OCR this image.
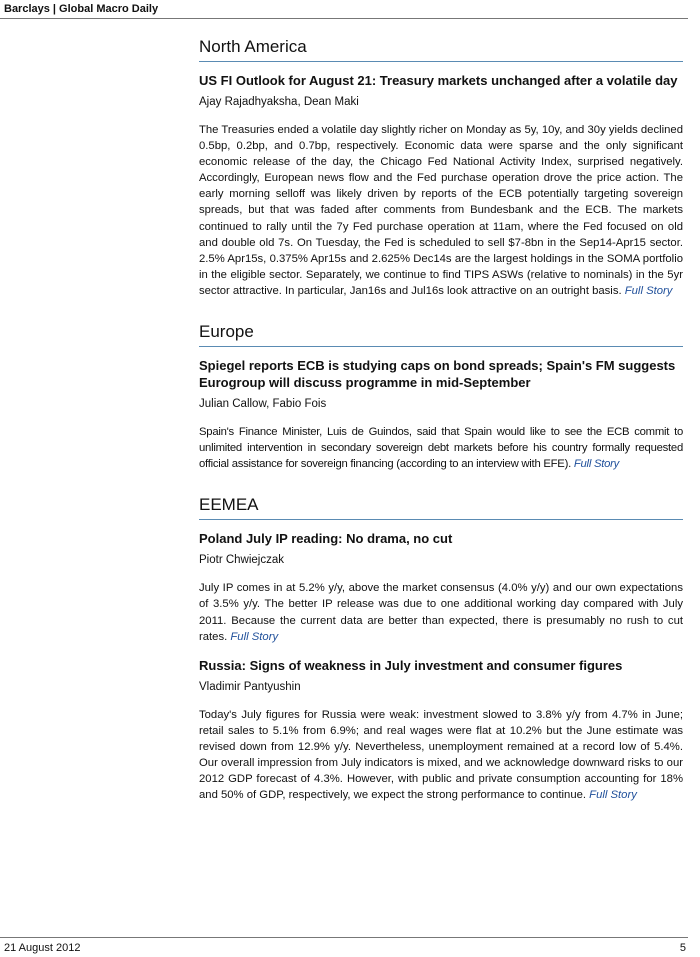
Barclays | Global Macro Daily
North America

US FI Outlook for August 21: Treasury markets unchanged after a volatile day

Ajay Rajadhyaksha, Dean Maki

The Treasuries ended a volatile day slightly richer on Monday as 5y, 10y, and 30y yields declined 0.5bp, 0.2bp, and 0.7bp, respectively. Economic data were sparse and the only significant economic release of the day, the Chicago Fed National Activity Index, surprised negatively. Accordingly, European news flow and the Fed purchase operation drove the price action. The early morning selloff was likely driven by reports of the ECB potentially targeting sovereign spreads, but that was faded after comments from Bundesbank and the ECB. The markets continued to rally until the 7y Fed purchase operation at 11am, where the Fed focused on old and double old 7s. On Tuesday, the Fed is scheduled to sell $7-8bn in the Sep14-Apr15 sector. 2.5% Apr15s, 0.375% Apr15s and 2.625% Dec14s are the largest holdings in the SOMA portfolio in the eligible sector. Separately, we continue to find TIPS ASWs (relative to nominals) in the 5yr sector attractive. In particular, Jan16s and Jul16s look attractive on an outright basis. Full Story

Europe

Spiegel reports ECB is studying caps on bond spreads; Spain's FM suggests Eurogroup will discuss programme in mid-September

Julian Callow, Fabio Fois

Spain's Finance Minister, Luis de Guindos, said that Spain would like to see the ECB commit to unlimited intervention in secondary sovereign debt markets before his country formally requested official assistance for sovereign financing (according to an interview with EFE). Full Story

EEMEA

Poland July IP reading: No drama, no cut

Piotr Chwiejczak

July IP comes in at 5.2% y/y, above the market consensus (4.0% y/y) and our own expectations of 3.5% y/y. The better IP release was due to one additional working day compared with July 2011. Because the current data are better than expected, there is presumably no rush to cut rates. Full Story

Russia: Signs of weakness in July investment and consumer figures

Vladimir Pantyushin

Today's July figures for Russia were weak: investment slowed to 3.8% y/y from 4.7% in June; retail sales to 5.1% from 6.9%; and real wages were flat at 10.2% but the June estimate was revised down from 12.9% y/y. Nevertheless, unemployment remained at a record low of 5.4%. Our overall impression from July indicators is mixed, and we acknowledge downward risks to our 2012 GDP forecast of 4.3%. However, with public and private consumption accounting for 18% and 50% of GDP, respectively, we expect the strong performance to continue. Full Story

21 August 2012	5
